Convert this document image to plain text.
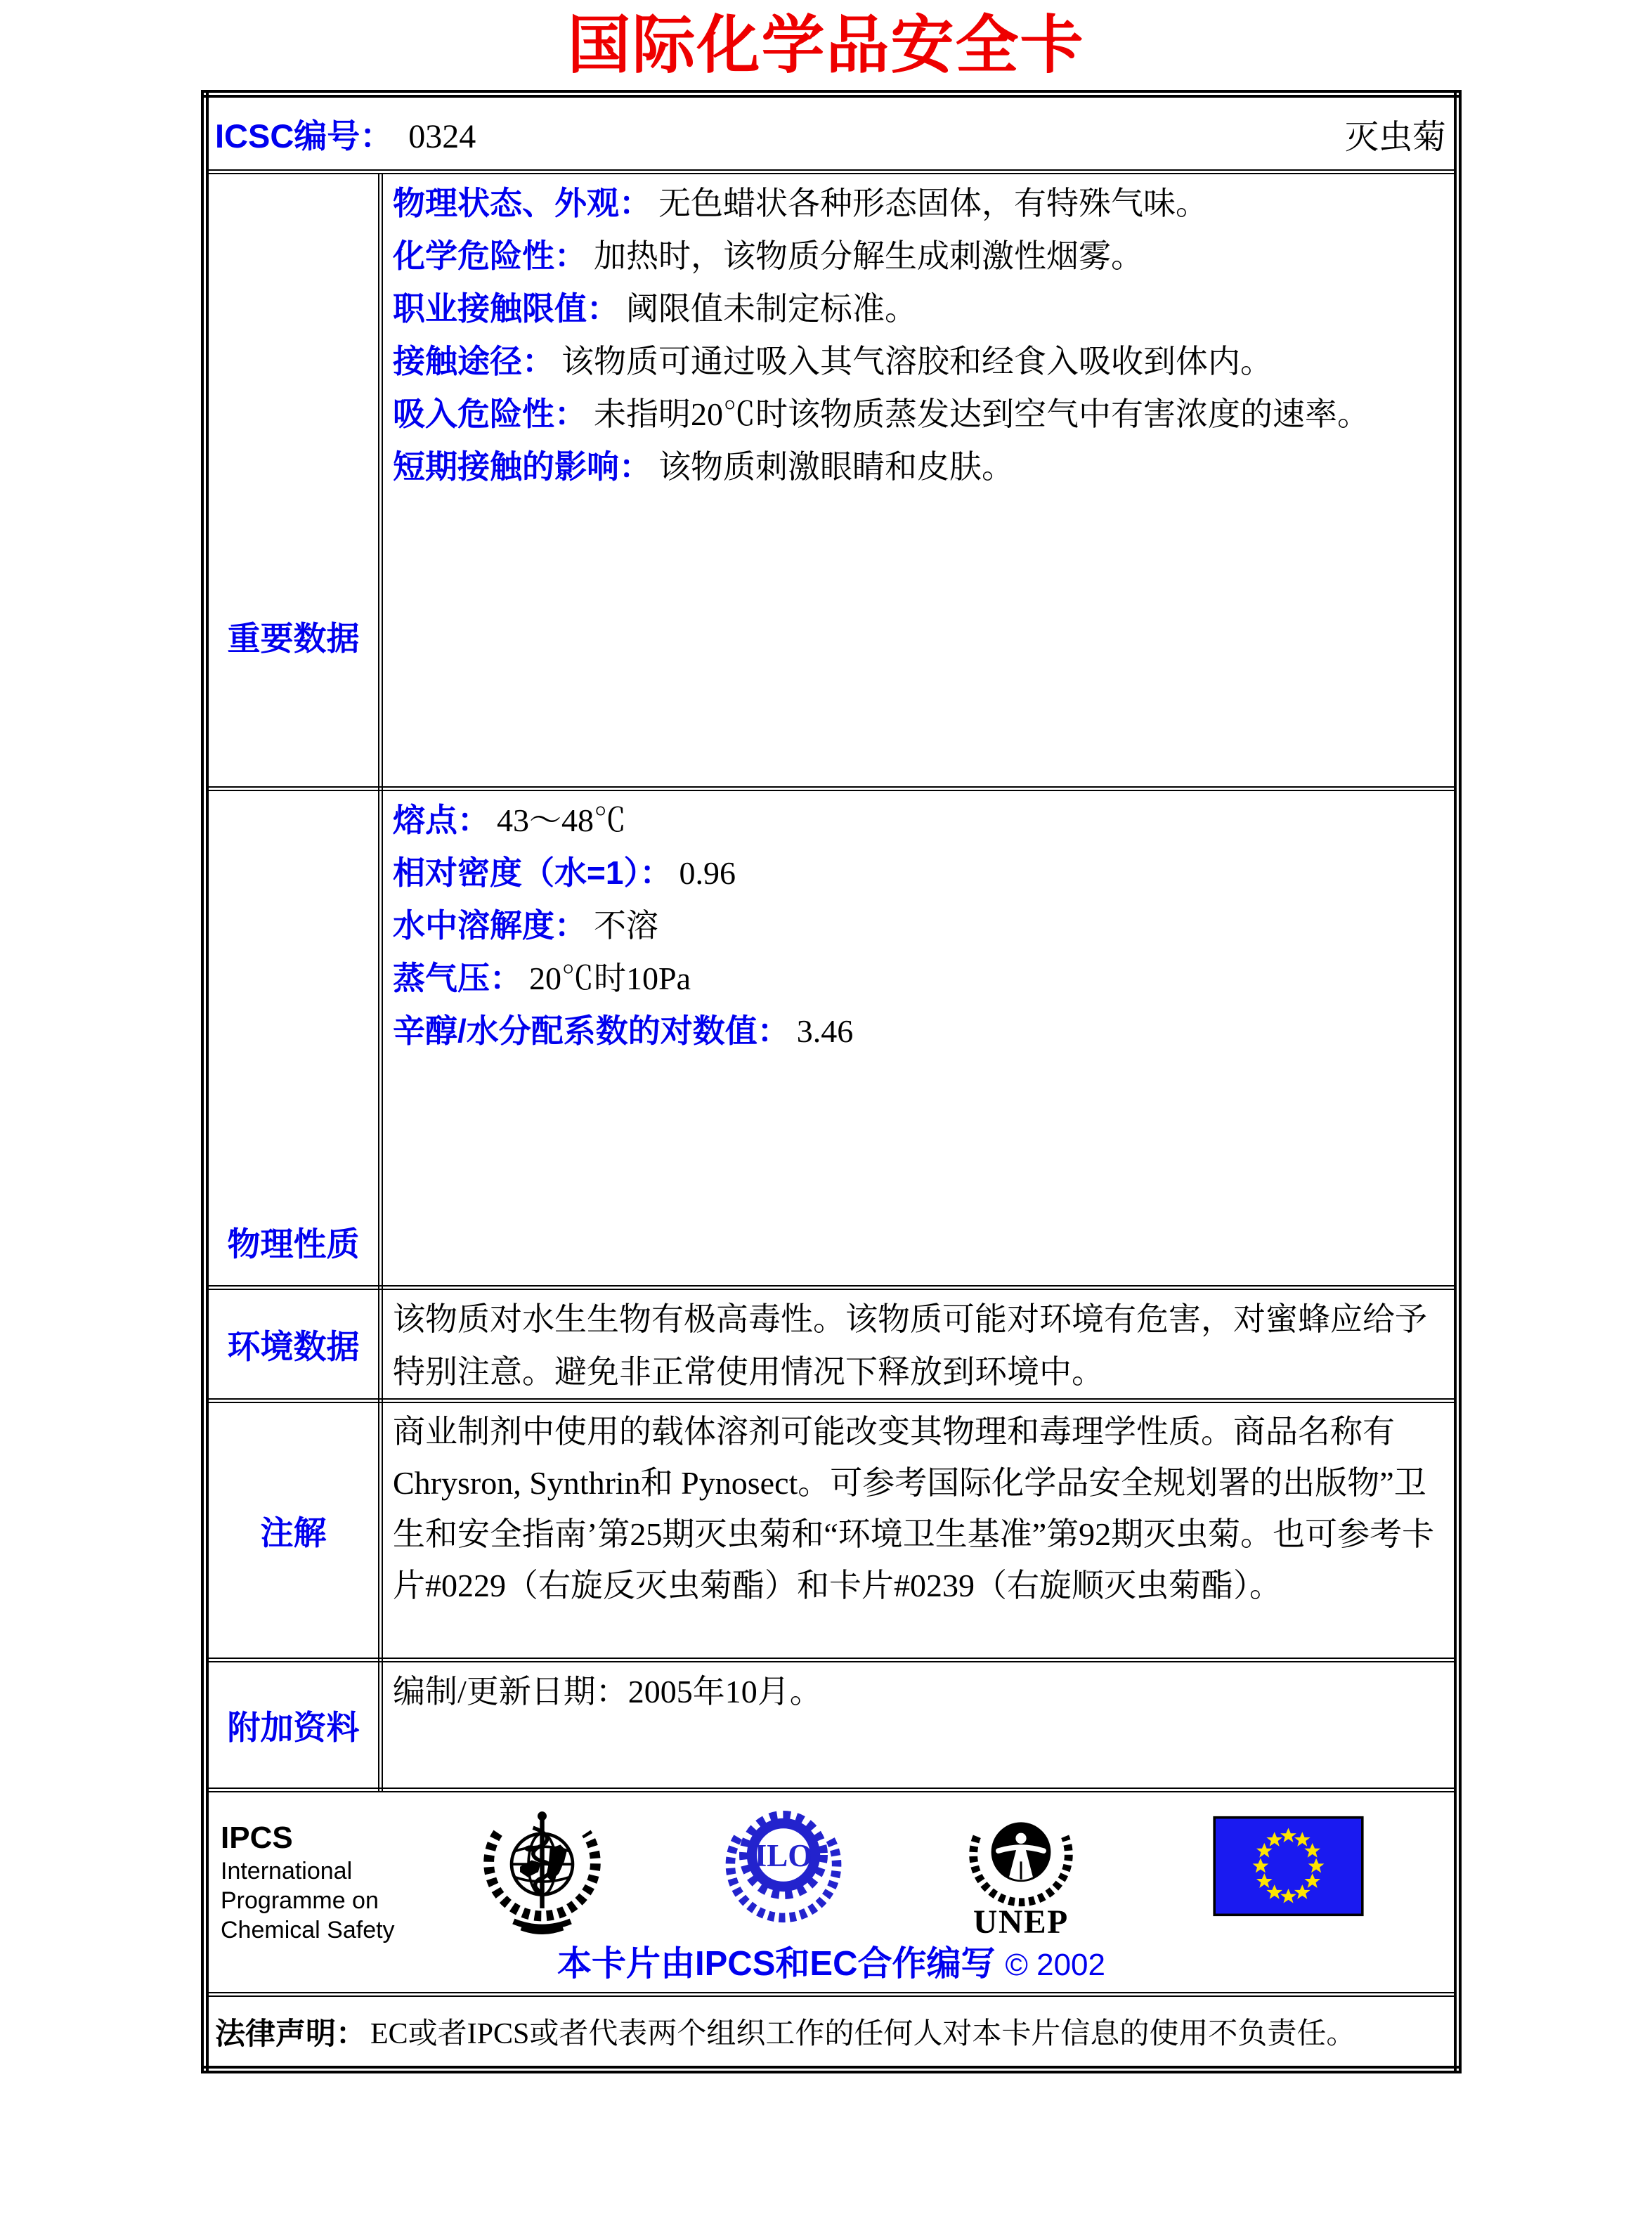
国际化学品安全卡
ICSC编号： 0324 灭虫菊	

重要数据	
物理状态、外观： 无色蜡状各种形态固体，有特殊气味。
化学危险性： 加热时，该物质分解生成刺激性烟雾。
职业接触限值： 阈限值未制定标准。
接触途径： 该物质可通过吸入其气溶胶和经食入吸收到体内。
吸入危险性： 未指明20℃时该物质蒸发达到空气中有害浓度的速率。
短期接触的影响： 该物质刺激眼睛和皮肤。

物理性质	熔点： 43～48℃
相对密度（水=1）： 0.96
水中溶解度： 不溶
蒸气压： 20℃时10Pa
辛醇/水分配系数的对数值： 3.46

环境数据	该物质对水生生物有极高毒性。该物质可能对环境有危害，对蜜蜂应给予特别注意。避免非正常使用情况下释放到环境中。
注解	商业制剂中使用的载体溶剂可能改变其物理和毒理学性质。商品名称有 Chrysron, Synthrin和 Pynosect。可参考国际化学品安全规划署的出版物”卫生和安全指南’第25期灭虫菊和“环境卫生基准”第92期灭虫菊。也可参考卡片#0229（右旋反灭虫菊酯）和卡片#0239（右旋顺灭虫菊酯）。
附加资料	编制/更新日期：2005年10月。

IPCS
International
Programme on
Chemical Safety
ILO
UNEP
本卡片由IPCS和EC合作编写 © 2002

法律声明： EC或者IPCS或者代表两个组织工作的任何人对本卡片信息的使用不负责任。	
